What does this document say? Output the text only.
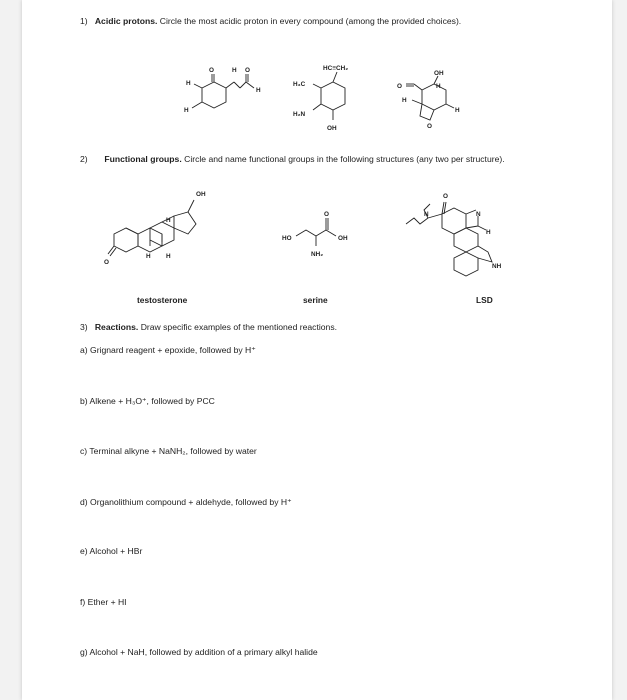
1) Acidic protons. Circle the most acidic proton in every compound (among the provided choices).
O	H O
H
H
H
HC≡CH₂
H₃C
H₂N
OH
OH
O	H
H
H
O
2) Functional groups. Circle and name functional groups in the following structures (any two per structure).
OH
H
H H
O
HO
O
OH
NH₂
N
O
N
H
NH
testosterone	serine	LSD
3) Reactions. Draw specific examples of the mentioned reactions.
a) Grignard reagent + epoxide, followed by H⁺
b) Alkene + H₃O⁺, followed by PCC
c) Terminal alkyne + NaNH₂, followed by water
d) Organolithium compound + aldehyde, followed by H⁺
e) Alcohol + HBr
f) Ether + HI
g) Alcohol + NaH, followed by addition of a primary alkyl halide
